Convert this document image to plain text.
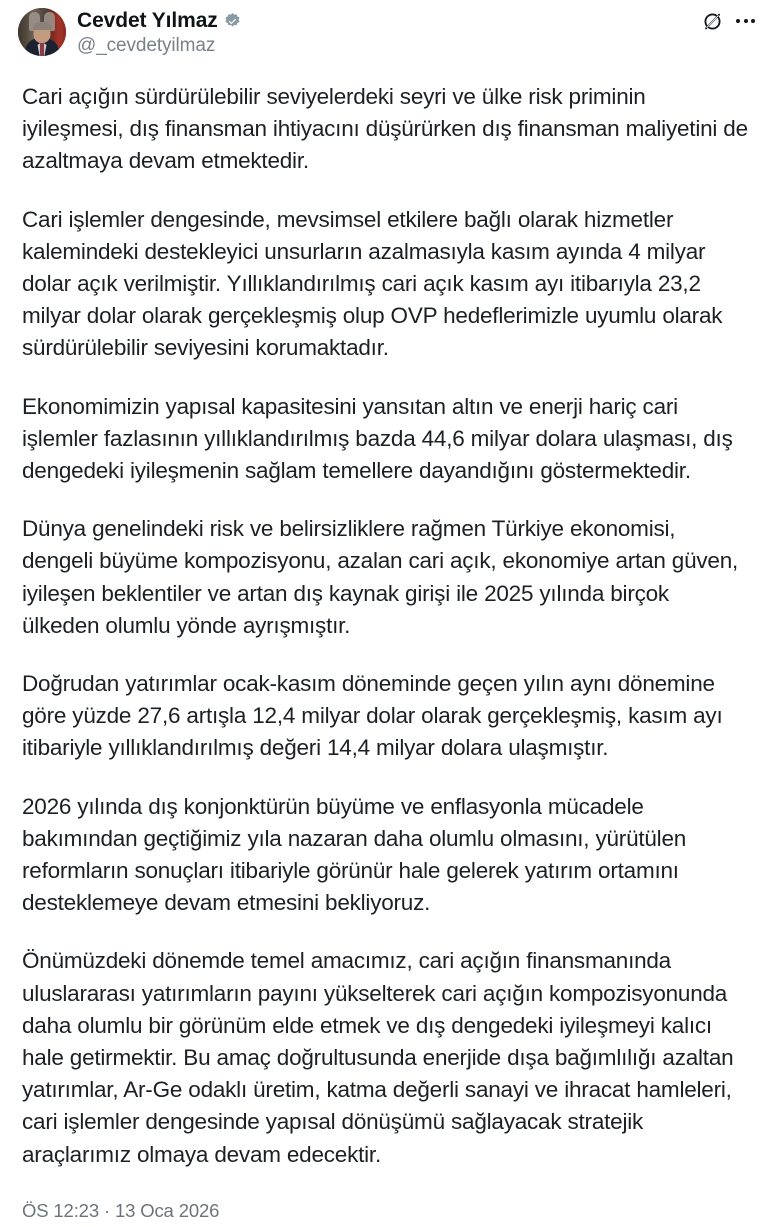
Cevdet Yılmaz
@_cevdetyilmaz

Cari açığın sürdürülebilir seviyelerdeki seyri ve ülke risk priminin iyileşmesi, dış finansman ihtiyacını düşürürken dış finansman maliyetini de azaltmaya devam etmektedir.

Cari işlemler dengesinde, mevsimsel etkilere bağlı olarak hizmetler kalemindeki destekleyici unsurların azalmasıyla kasım ayında 4 milyar dolar açık verilmiştir. Yıllıklandırılmış cari açık kasım ayı itibarıyla 23,2 milyar dolar olarak gerçekleşmiş olup OVP hedeflerimizle uyumlu olarak sürdürülebilir seviyesini korumaktadır.

Ekonomimizin yapısal kapasitesini yansıtan altın ve enerji hariç cari işlemler fazlasının yıllıklandırılmış bazda 44,6 milyar dolara ulaşması, dış dengedeki iyileşmenin sağlam temellere dayandığını göstermektedir.

Dünya genelindeki risk ve belirsizliklere rağmen Türkiye ekonomisi, dengeli büyüme kompozisyonu, azalan cari açık, ekonomiye artan güven, iyileşen beklentiler ve artan dış kaynak girişi ile 2025 yılında birçok ülkeden olumlu yönde ayrışmıştır.

Doğrudan yatırımlar ocak-kasım döneminde geçen yılın aynı dönemine göre yüzde 27,6 artışla 12,4 milyar dolar olarak gerçekleşmiş, kasım ayı itibariyle yıllıklandırılmış değeri 14,4 milyar dolara ulaşmıştır.

2026 yılında dış konjonktürün büyüme ve enflasyonla mücadele bakımından geçtiğimiz yıla nazaran daha olumlu olmasını, yürütülen reformların sonuçları itibariyle görünür hale gelerek yatırım ortamını desteklemeye devam etmesini bekliyoruz.

Önümüzdeki dönemde temel amacımız, cari açığın finansmanında uluslararası yatırımların payını yükselterek cari açığın kompozisyonunda daha olumlu bir görünüm elde etmek ve dış dengedeki iyileşmeyi kalıcı hale getirmektir. Bu amaç doğrultusunda enerjide dışa bağımlılığı azaltan yatırımlar, Ar-Ge odaklı üretim, katma değerli sanayi ve ihracat hamleleri, cari işlemler dengesinde yapısal dönüşümü sağlayacak stratejik araçlarımız olmaya devam edecektir.

ÖS 12:23 · 13 Oca 2026
